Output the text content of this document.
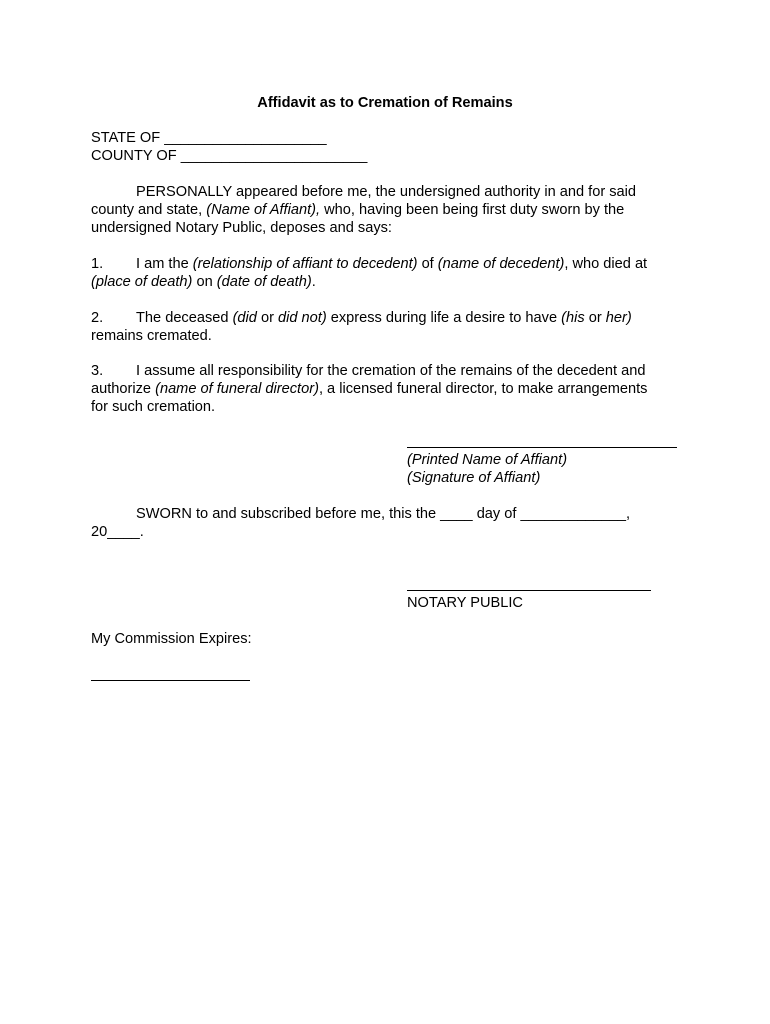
Affidavit as to Cremation of Remains
STATE OF ____________________
COUNTY OF _______________________
PERSONALLY appeared before me, the undersigned authority in and for said
county and state, (Name of Affiant), who, having been being first duty sworn by the
undersigned Notary Public, deposes and says:
1. I am the (relationship of affiant to decedent) of (name of decedent), who died at
(place of death) on (date of death).
2. The deceased (did or did not) express during life a desire to have (his or her)
remains cremated.
3. I assume all responsibility for the cremation of the remains of the decedent and
authorize (name of funeral director), a licensed funeral director, to make arrangements
for such cremation.
(Printed Name of Affiant)
(Signature of Affiant)
SWORN to and subscribed before me, this the ____ day of _____________,
20____.
NOTARY PUBLIC
My Commission Expires:
